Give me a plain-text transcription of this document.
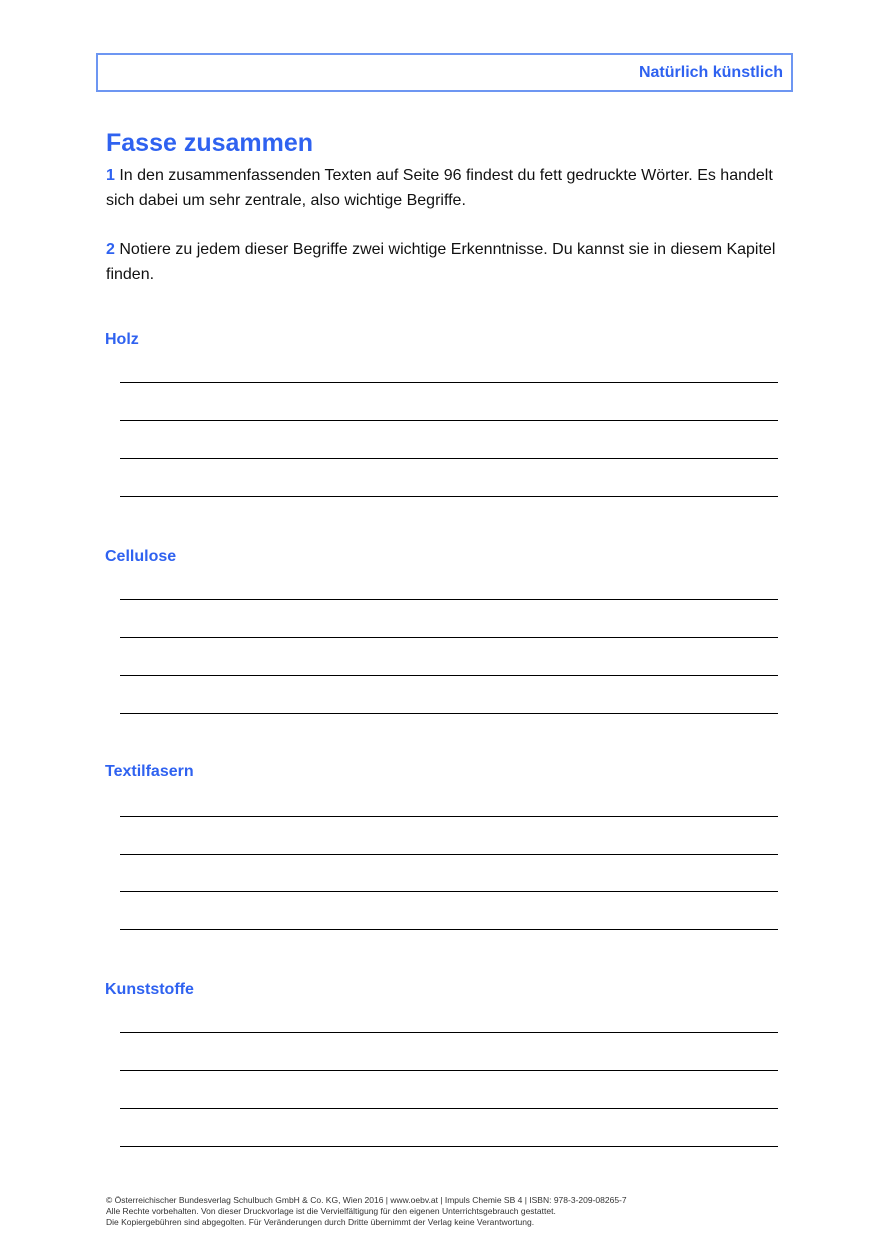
Natürlich künstlich
Fasse zusammen

1 In den zusammenfassenden Texten auf Seite 96 findest du fett gedruckte Wörter. Es handelt sich dabei um sehr zentrale, also wichtige Begriffe.

2 Notiere zu jedem dieser Begriffe zwei wichtige Erkenntnisse. Du kannst sie in diesem Kapitel finden.

Holz
Cellulose
Textilfasern
Kunststoffe
© Österreichischer Bundesverlag Schulbuch GmbH & Co. KG, Wien 2016 | www.oebv.at | Impuls Chemie SB 4 | ISBN: 978-3-209-08265-7
Alle Rechte vorbehalten. Von dieser Druckvorlage ist die Vervielfältigung für den eigenen Unterrichtsgebrauch gestattet.
Die Kopiergebühren sind abgegolten. Für Veränderungen durch Dritte übernimmt der Verlag keine Verantwortung.
